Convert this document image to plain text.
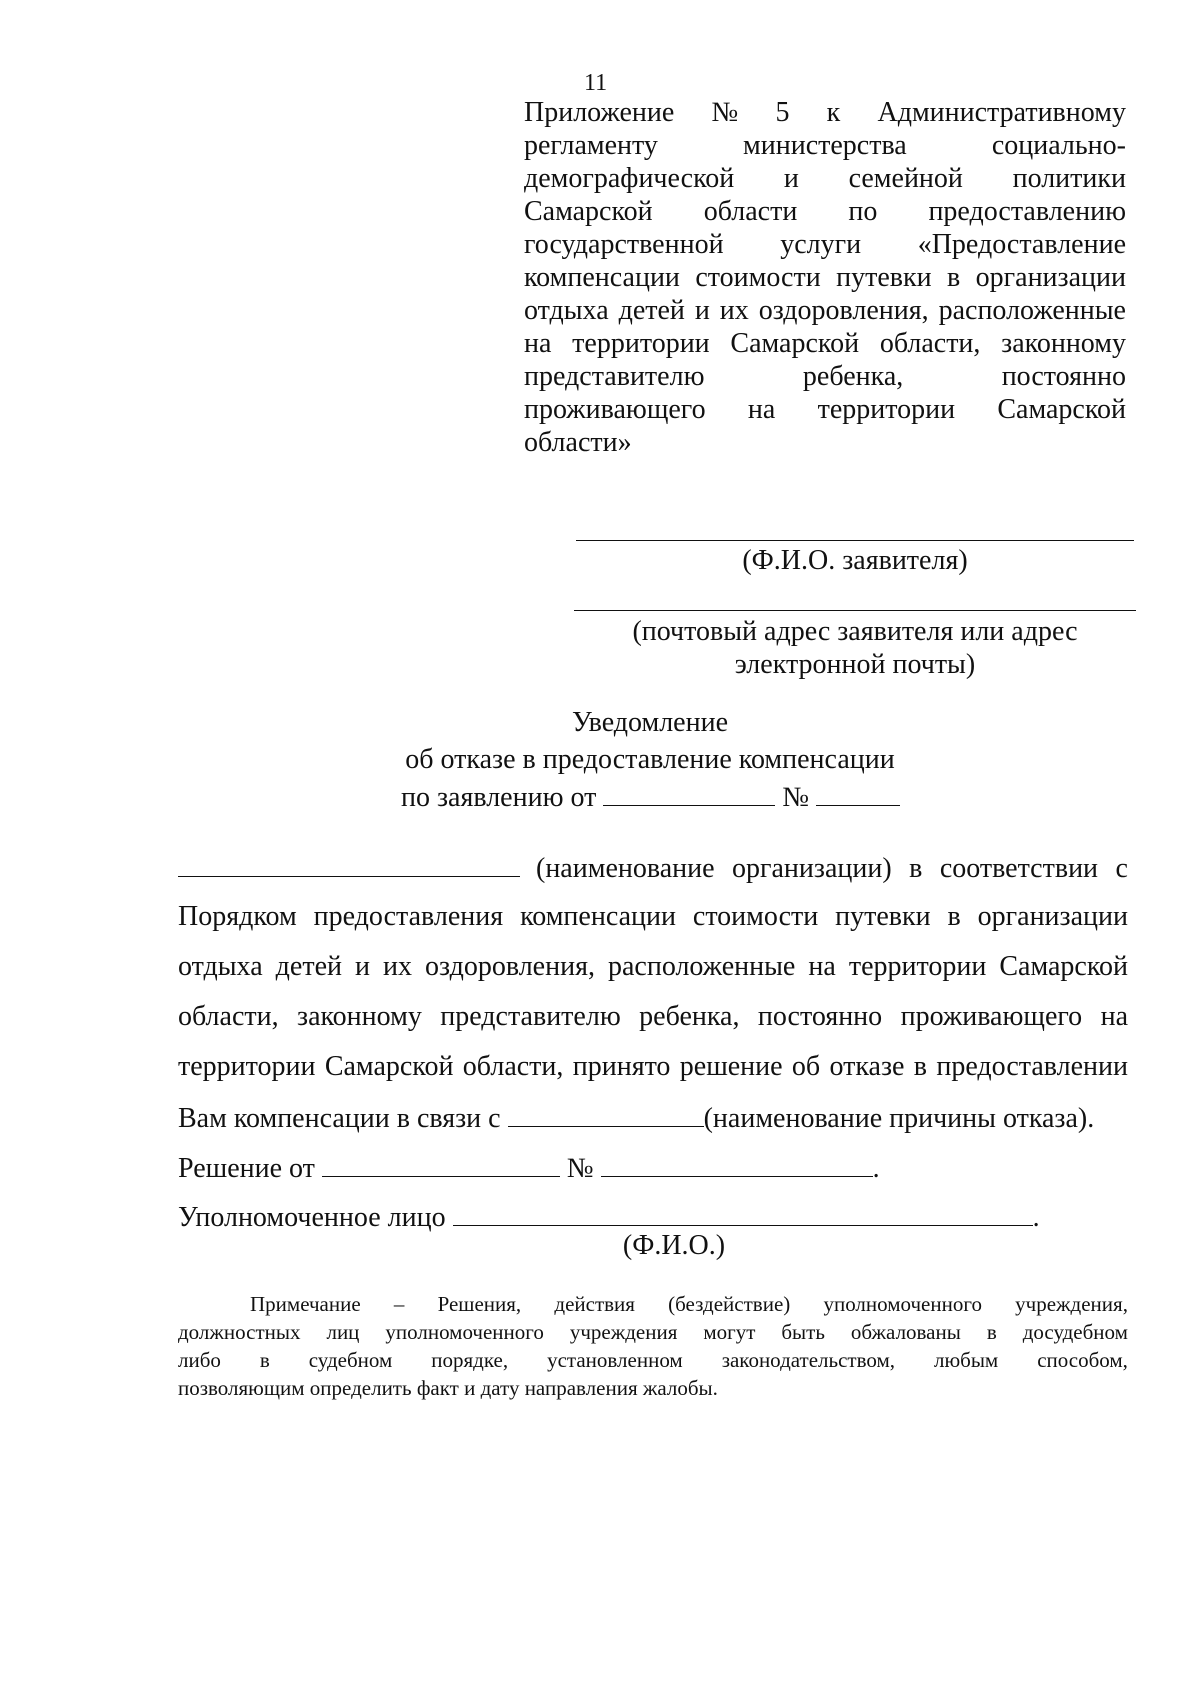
11
Приложение № 5 к Административному
регламенту	министерства	социально-
демографической и семейной политики
Самарской области по предоставлению
государственной услуги «Предоставление
компенсации стоимости путевки в организации
отдыха детей и их оздоровления, расположенные
на территории Самарской области, законному
представителю	ребенка,	постоянно
проживающего на территории Самарской
области»
(Ф.И.О. заявителя)
(почтовый адрес заявителя или адрес
электронной почты)
Уведомление
об отказе в предоставление компенсации
по заявлению от	№
(наименование организации) в соответствии с
Порядком предоставления компенсации стоимости путевки в организации
отдыха детей и их оздоровления, расположенные на территории Самарской
области, законному представителю ребенка, постоянно проживающего на
территории Самарской области, принято решение об отказе в предоставлении
Вам компенсации в связи с	(наименование причины отказа).
Решение от	№	.
Уполномоченное лицо	.
(Ф.И.О.)
Примечание – Решения, действия (бездействие) уполномоченного учреждения,
должностных лиц уполномоченного учреждения могут быть обжалованы в досудебном
либо в судебном порядке, установленном законодательством, любым способом,
позволяющим определить факт и дату направления жалобы.
